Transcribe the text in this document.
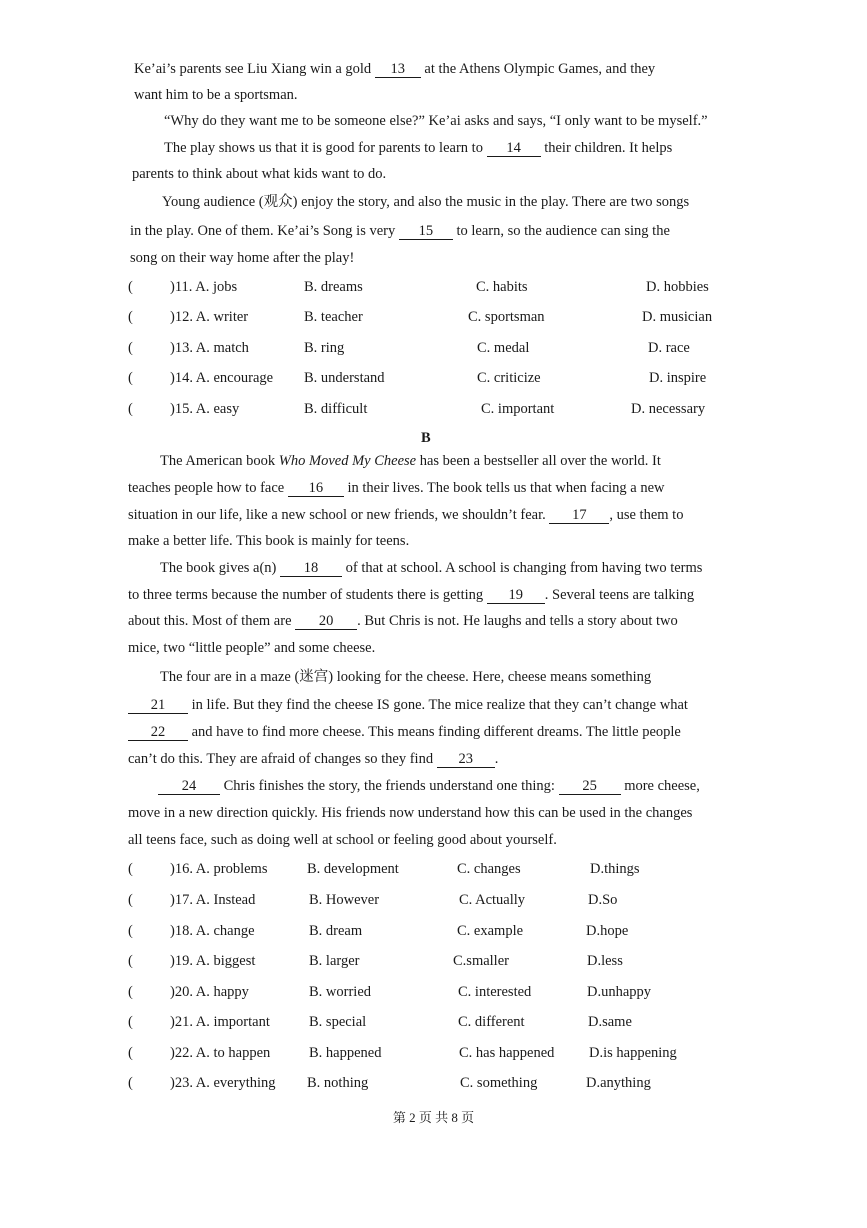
Ke’ai’s parents see Liu Xiang win a gold 13 at the Athens Olympic Games, and they
want him to be a sportsman.
“Why do they want me to be someone else?” Ke’ai asks and says, “I only want to be myself.”
The play shows us that it is good for parents to learn to 14 their children. It helps
parents to think about what kids want to do.
Young audience (观众) enjoy the story, and also the music in the play. There are two songs
in the play. One of them. Ke’ai’s Song is very 15 to learn, so the audience can sing the
song on their way home after the play!
(	)11. A. jobs	B. dreams	C. habits	D. hobbies
(	)12. A. writer	B. teacher	C. sportsman	D. musician
(	)13. A. match	B. ring	C. medal	D. race
(	)14. A. encourage B. understand	C. criticize	D. inspire
(	)15. A. easy	B. difficult	C. important	D. necessary
B
The American book Who Moved My Cheese has been a bestseller all over the world. It
teaches people how to face 16 in their lives. The book tells us that when facing a new
situation in our life, like a new school or new friends, we shouldn’t fear. 17 , use them to
make a better life. This book is mainly for teens.
The book gives a(n) 18 of that at school. A school is changing from having two terms
to three terms because the number of students there is getting 19 . Several teens are talking
about this. Most of them are 20 . But Chris is not. He laughs and tells a story about two
mice, two “little people” and some cheese.
The four are in a maze (迷宫) looking for the cheese. Here, cheese means something
21 in life. But they find the cheese IS gone. The mice realize that they can’t change what
22 and have to find more cheese. This means finding different dreams. The little people
can’t do this. They are afraid of changes so they find 23 .
24 Chris finishes the story, the friends understand one thing: 25 more cheese,
move in a new direction quickly. His friends now understand how this can be used in the changes
all teens face, such as doing well at school or feeling good about yourself.
(	)16. A. problems	B. development	C. changes	D.things
(	)17. A. Instead	B. However	C. Actually	D.So
(	)18. A. change	B. dream	C. example	D.hope
(	)19. A. biggest	B. larger	C.smaller	D.less
(	)20. A. happy	B. worried	C. interested	D.unhappy
(	)21. A. important	B. special	C. different	D.same
(	)22. A. to happen	B. happened	C. has happened D.is happening
(	)23. A. everything B. nothing	C. something	D.anything
第 2 页 共 8 页
